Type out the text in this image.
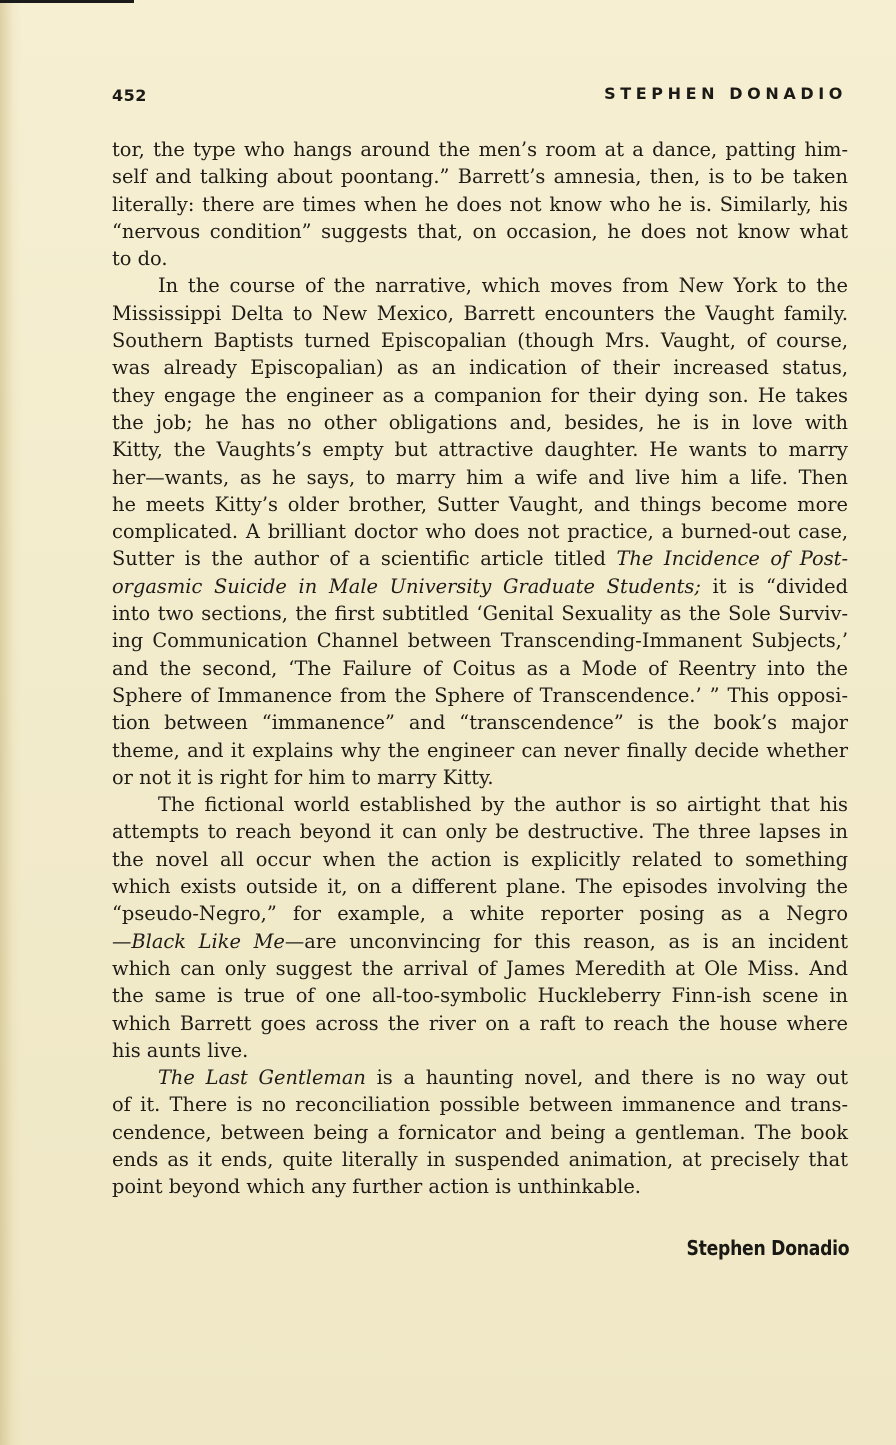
452	STEPHEN DONADIO
tor, the type who hangs around the men’s room at a dance, patting him-
self and talking about poontang.” Barrett’s amnesia, then, is to be taken
literally: there are times when he does not know who he is. Similarly, his
“nervous condition” suggests that, on occasion, he does not know what
to do.
In the course of the narrative, which moves from New York to the
Mississippi Delta to New Mexico, Barrett encounters the Vaught family.
Southern Baptists turned Episcopalian (though Mrs. Vaught, of course,
was already Episcopalian) as an indication of their increased status,
they engage the engineer as a companion for their dying son. He takes
the job; he has no other obligations and, besides, he is in love with
Kitty, the Vaughts’s empty but attractive daughter. He wants to marry
her—wants, as he says, to marry him a wife and live him a life. Then
he meets Kitty’s older brother, Sutter Vaught, and things become more
complicated. A brilliant doctor who does not practice, a burned-out case,
Sutter is the author of a scientific article titled The Incidence of Post-
orgasmic Suicide in Male University Graduate Students; it is “divided
into two sections, the first subtitled ‘Genital Sexuality as the Sole Surviv-
ing Communication Channel between Transcending-Immanent Subjects,’
and the second, ‘The Failure of Coitus as a Mode of Reentry into the
Sphere of Immanence from the Sphere of Transcendence.’ ” This opposi-
tion between “immanence” and “transcendence” is the book’s major
theme, and it explains why the engineer can never finally decide whether
or not it is right for him to marry Kitty.
The fictional world established by the author is so airtight that his
attempts to reach beyond it can only be destructive. The three lapses in
the novel all occur when the action is explicitly related to something
which exists outside it, on a different plane. The episodes involving the
“pseudo-Negro,” for example, a white reporter posing as a Negro
—Black Like Me—are unconvincing for this reason, as is an incident
which can only suggest the arrival of James Meredith at Ole Miss. And
the same is true of one all-too-symbolic Huckleberry Finn-ish scene in
which Barrett goes across the river on a raft to reach the house where
his aunts live.
The Last Gentleman is a haunting novel, and there is no way out
of it. There is no reconciliation possible between immanence and trans-
cendence, between being a fornicator and being a gentleman. The book
ends as it ends, quite literally in suspended animation, at precisely that
point beyond which any further action is unthinkable.
Stephen Donadio
